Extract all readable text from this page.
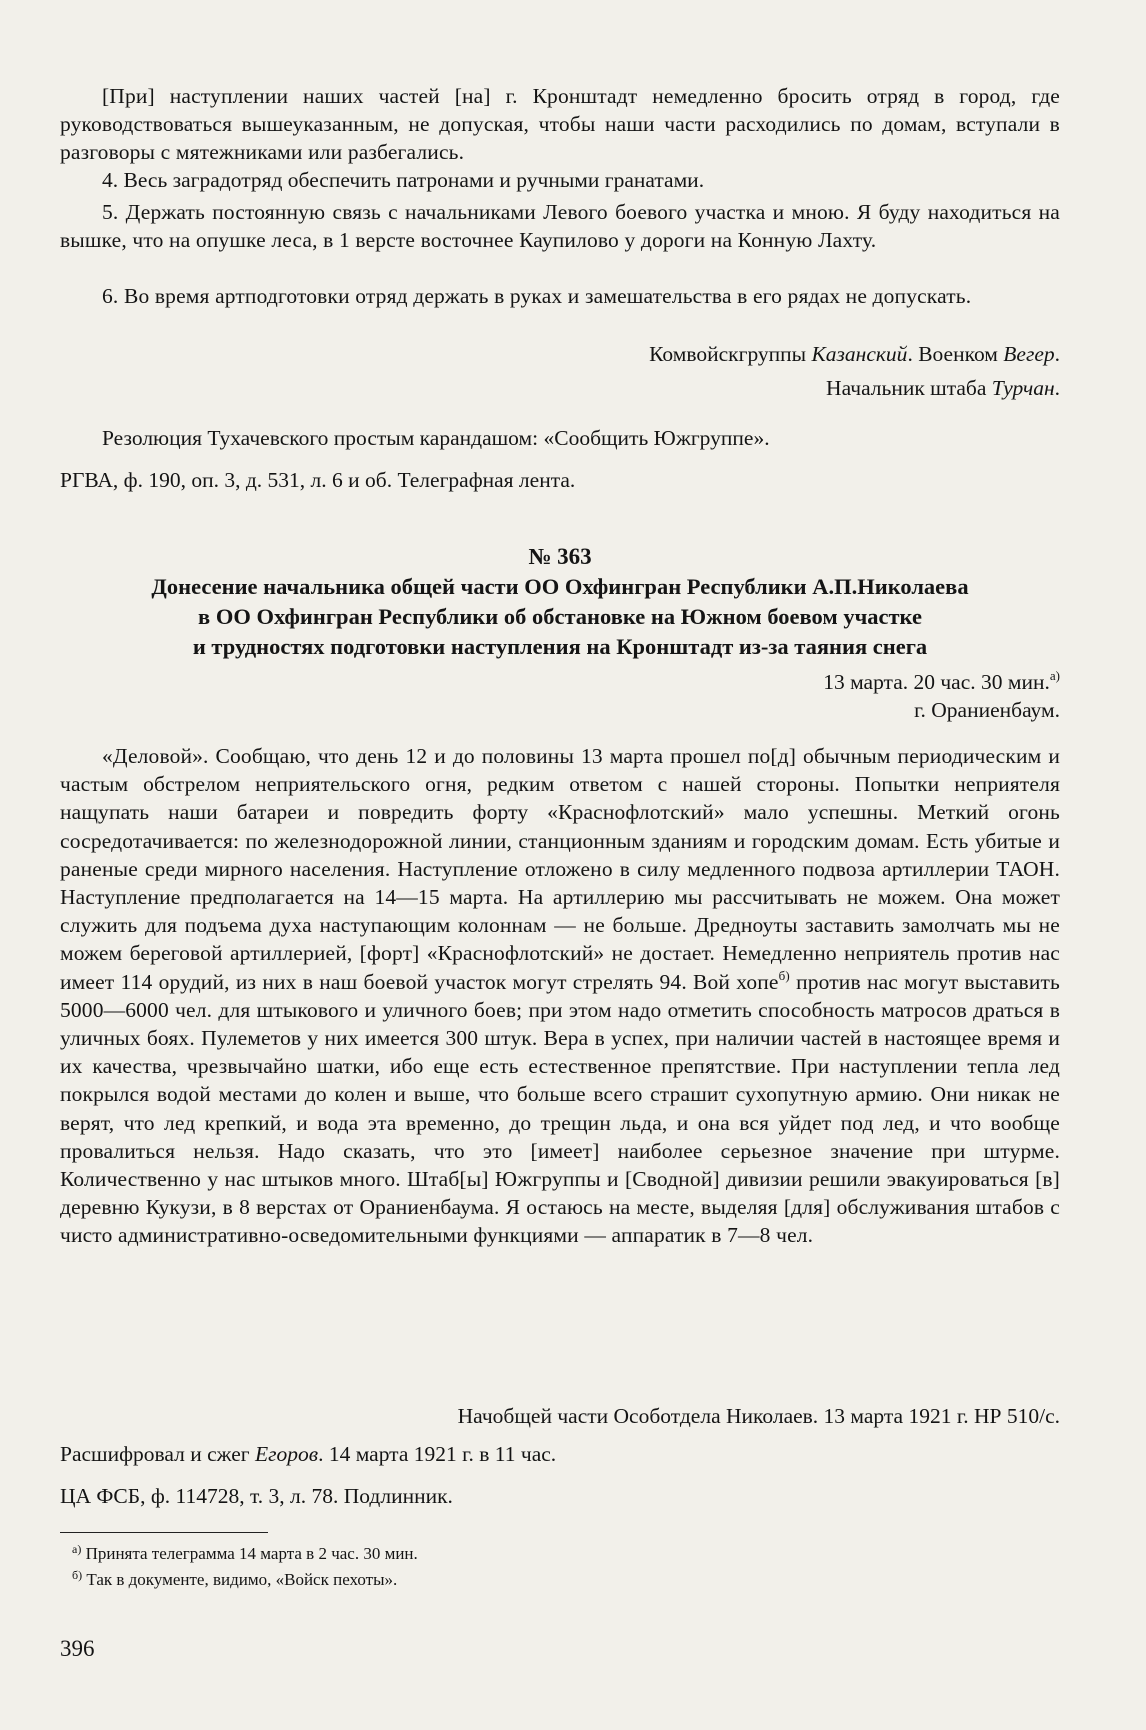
[При] наступлении наших частей [на] г. Кронштадт немедленно бросить отряд в город, где руководствоваться вышеуказанным, не допуская, чтобы наши части расходились по домам, вступали в разговоры с мятежниками или разбегались.

4. Весь заградотряд обеспечить патронами и ручными гранатами.

5. Держать постоянную связь с начальниками Левого боевого участка и мною. Я буду находиться на вышке, что на опушке леса, в 1 версте восточнее Каупилово у дороги на Конную Лахту.

6. Во время артподготовки отряд держать в руках и замешательства в его рядах не допускать.

Комвойскгруппы Казанский. Военком Вегер.

Начальник штаба Турчан.

Резолюция Тухачевского простым карандашом: «Сообщить Южгруппе».

РГВА, ф. 190, оп. 3, д. 531, л. 6 и об. Телеграфная лента.

№ 363

Донесение начальника общей части ОО Охфингран Республики А.П.Николаева

в ОО Охфингран Республики об обстановке на Южном боевом участке

и трудностях подготовки наступления на Кронштадт из-за таяния снега

13 марта. 20 час. 30 мин.$^{а)}$

г. Ораниенбаум.

«Деловой». Сообщаю, что день 12 и до половины 13 марта прошел по[д] обычным периодическим и частым обстрелом неприятельского огня, редким ответом с нашей стороны. Попытки неприятеля нащупать наши батареи и повредить форту «Краснофлотский» мало успешны. Меткий огонь сосредотачивается: по железнодорожной линии, станционным зданиям и городским домам. Есть убитые и раненые среди мирного населения. Наступление отложено в силу медленного подвоза артиллерии ТАОН. Наступление предполагается на 14—15 марта. На артиллерию мы рассчитывать не можем. Она может служить для подъема духа наступающим колоннам — не больше. Дредноуты заставить замолчать мы не можем береговой артиллерией, [форт] «Краснофлотский» не достает. Немедленно неприятель против нас имеет 114 орудий, из них в наш боевой участок могут стрелять 94. Вой хопе$^{б)}$ против нас могут выставить 5000—6000 чел. для штыкового и уличного боев; при этом надо отметить способность матросов драться в уличных боях. Пулеметов у них имеется 300 штук. Вера в успех, при наличии частей в настоящее время и их качества, чрезвычайно шатки, ибо еще есть естественное препятствие. При наступлении тепла лед покрылся водой местами до колен и выше, что больше всего страшит сухопутную армию. Они никак не верят, что лед крепкий, и вода эта временно, до трещин льда, и она вся уйдет под лед, и что вообще провалиться нельзя. Надо сказать, что это [имеет] наиболее серьезное значение при штурме. Количественно у нас штыков много. Штаб[ы] Южгруппы и [Сводной] дивизии решили эвакуироваться [в] деревню Кукузи, в 8 верстах от Ораниенбаума. Я остаюсь на месте, выделяя [для] обслуживания штабов с чисто административно-осведомительными функциями — аппаратик в 7—8 чел.

Начобщей части Особотдела Николаев. 13 марта 1921 г. НР 510/с.

Расшифровал и сжег Егоров. 14 марта 1921 г. в 11 час.

ЦА ФСБ, ф. 114728, т. 3, л. 78. Подлинник.

$^{а)}$ Принята телеграмма 14 марта в 2 час. 30 мин.

$^{б)}$ Так в документе, видимо, «Войск пехоты».

396
